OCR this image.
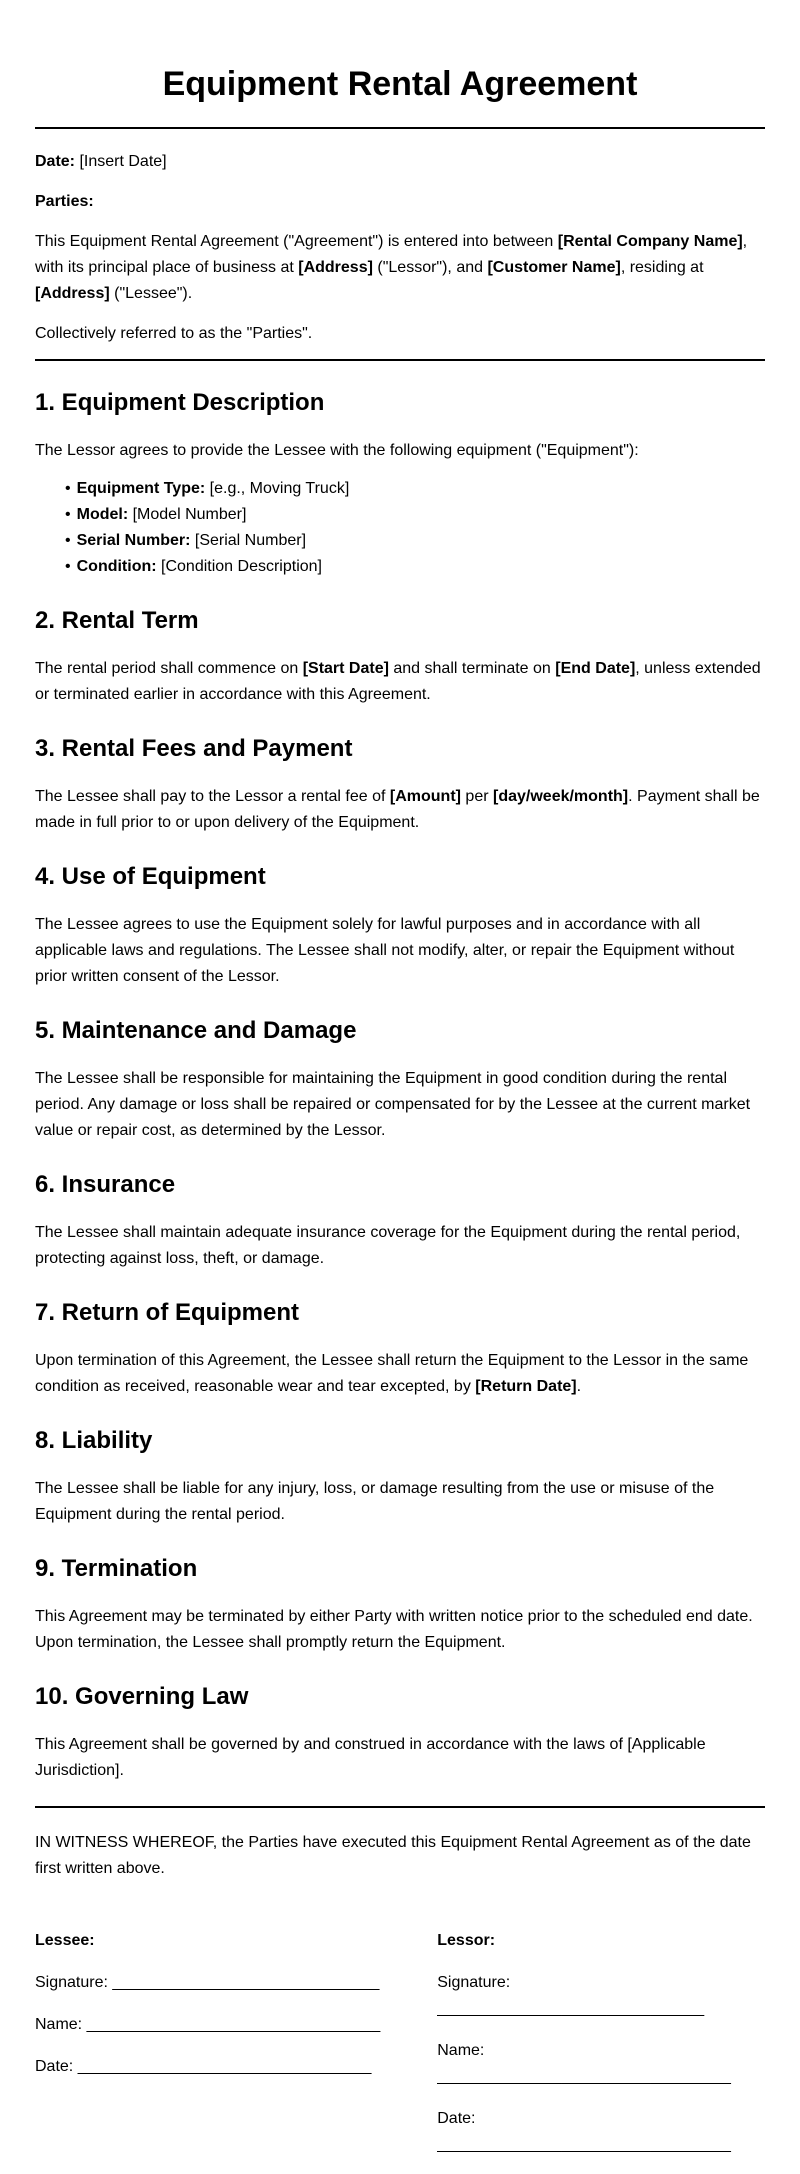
Equipment Rental Agreement

Date: [Insert Date]

Parties:

This Equipment Rental Agreement ("Agreement") is entered into between [Rental Company Name], with its principal place of business at [Address] ("Lessor"), and [Customer Name], residing at [Address] ("Lessee").

Collectively referred to as the "Parties".

1. Equipment Description

The Lessor agrees to provide the Lessee with the following equipment ("Equipment"):

• Equipment Type: [e.g., Moving Truck]
• Model: [Model Number]
• Serial Number: [Serial Number]
• Condition: [Condition Description]
2. Rental Term

The rental period shall commence on [Start Date] and shall terminate on [End Date], unless extended or terminated earlier in accordance with this Agreement.

3. Rental Fees and Payment

The Lessee shall pay to the Lessor a rental fee of [Amount] per [day/week/month]. Payment shall be made in full prior to or upon delivery of the Equipment.

4. Use of Equipment

The Lessee agrees to use the Equipment solely for lawful purposes and in accordance with all applicable laws and regulations. The Lessee shall not modify, alter, or repair the Equipment without prior written consent of the Lessor.

5. Maintenance and Damage

The Lessee shall be responsible for maintaining the Equipment in good condition during the rental period. Any damage or loss shall be repaired or compensated for by the Lessee at the current market value or repair cost, as determined by the Lessor.

6. Insurance

The Lessee shall maintain adequate insurance coverage for the Equipment during the rental period, protecting against loss, theft, or damage.

7. Return of Equipment

Upon termination of this Agreement, the Lessee shall return the Equipment to the Lessor in the same condition as received, reasonable wear and tear excepted, by [Return Date].

8. Liability

The Lessee shall be liable for any injury, loss, or damage resulting from the use or misuse of the Equipment during the rental period.

9. Termination

This Agreement may be terminated by either Party with written notice prior to the scheduled end date. Upon termination, the Lessee shall promptly return the Equipment.

10. Governing Law

This Agreement shall be governed by and construed in accordance with the laws of [Applicable Jurisdiction].

IN WITNESS WHEREOF, the Parties have executed this Equipment Rental Agreement as of the date first written above.

Lessee:

Signature: ______________________________

Name: _________________________________

Date: _________________________________

Lessor:

Signature: ______________________________

Name: _________________________________

Date: _________________________________
